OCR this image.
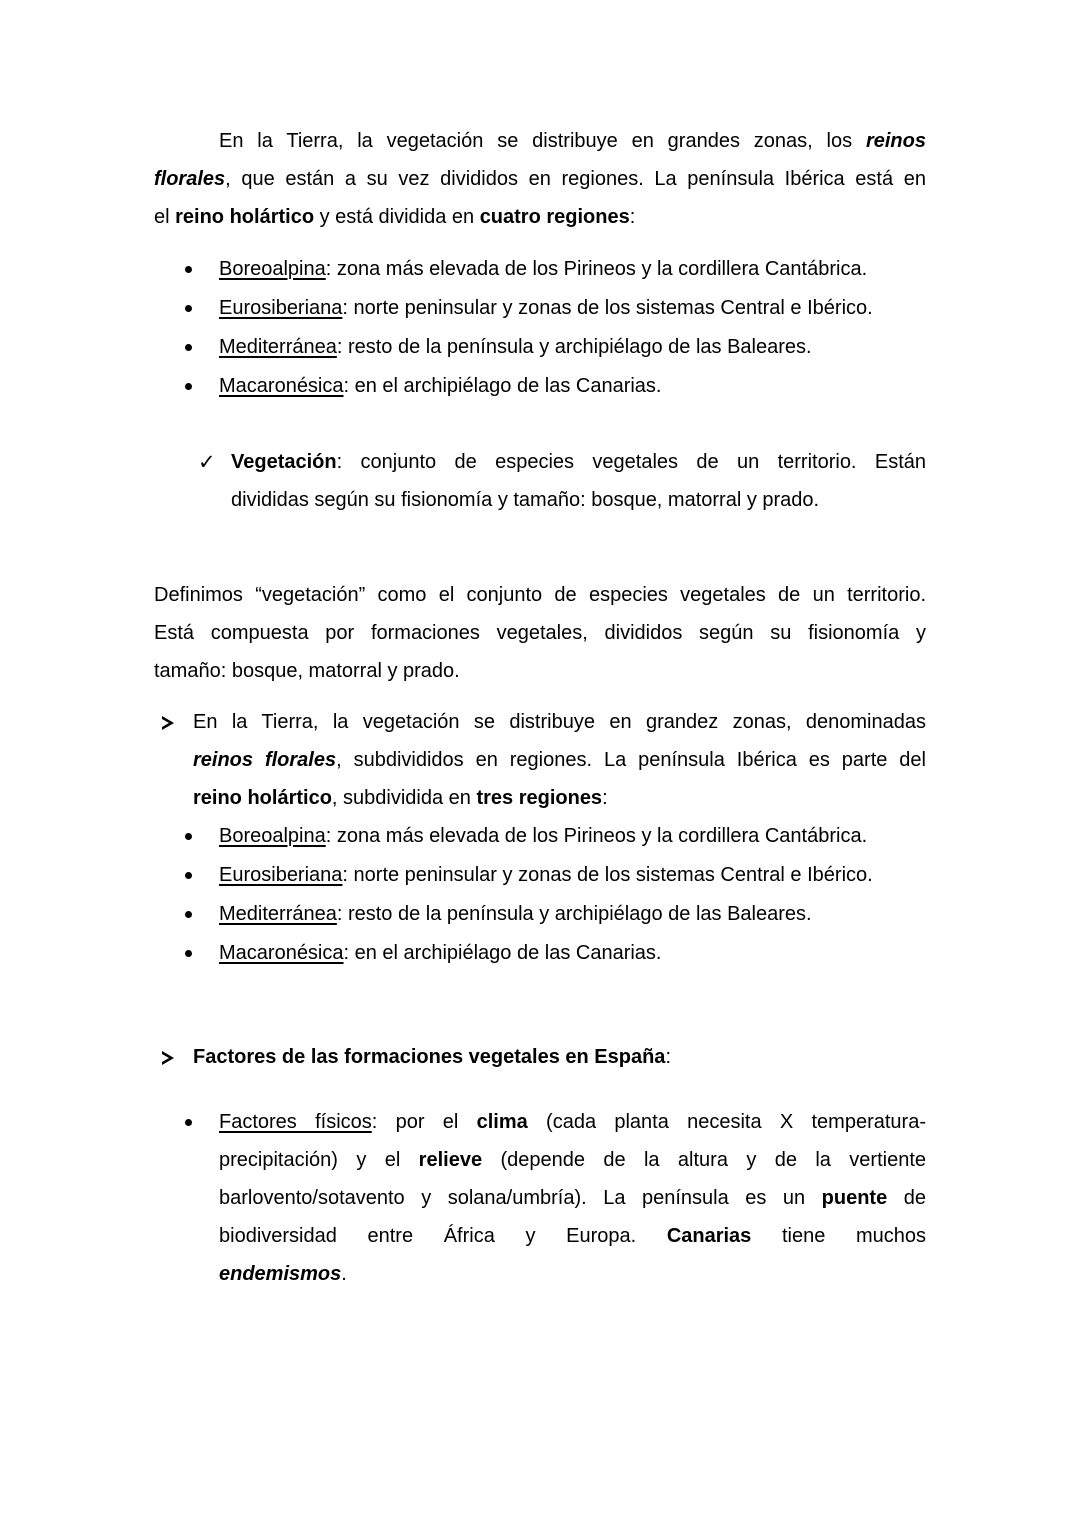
En la Tierra, la vegetación se distribuye en grandes zonas, los reinos
florales, que están a su vez divididos en regiones. La península Ibérica está en
el reino holártico y está dividida en cuatro regiones:
Boreoalpina: zona más elevada de los Pirineos y la cordillera Cantábrica.
Eurosiberiana: norte peninsular y zonas de los sistemas Central e Ibérico.
Mediterránea: resto de la península y archipiélago de las Baleares.
Macaronésica: en el archipiélago de las Canarias.
✓ Vegetación: conjunto de especies vegetales de un territorio. Están
divididas según su fisionomía y tamaño: bosque, matorral y prado.
Definimos “vegetación” como el conjunto de especies vegetales de un territorio.
Está compuesta por formaciones vegetales, divididos según su fisionomía y
tamaño: bosque, matorral y prado.
En la Tierra, la vegetación se distribuye en grandez zonas, denominadas
reinos florales, subdivididos en regiones. La península Ibérica es parte del
reino holártico, subdividida en tres regiones:
Boreoalpina: zona más elevada de los Pirineos y la cordillera Cantábrica.
Eurosiberiana: norte peninsular y zonas de los sistemas Central e Ibérico.
Mediterránea: resto de la península y archipiélago de las Baleares.
Macaronésica: en el archipiélago de las Canarias.
Factores de las formaciones vegetales en España:
Factores físicos: por el clima (cada planta necesita X temperatura-
precipitación) y el relieve (depende de la altura y de la vertiente
barlovento/sotavento y solana/umbría). La península es un puente de
biodiversidad entre África y Europa. Canarias tiene muchos
endemismos.
